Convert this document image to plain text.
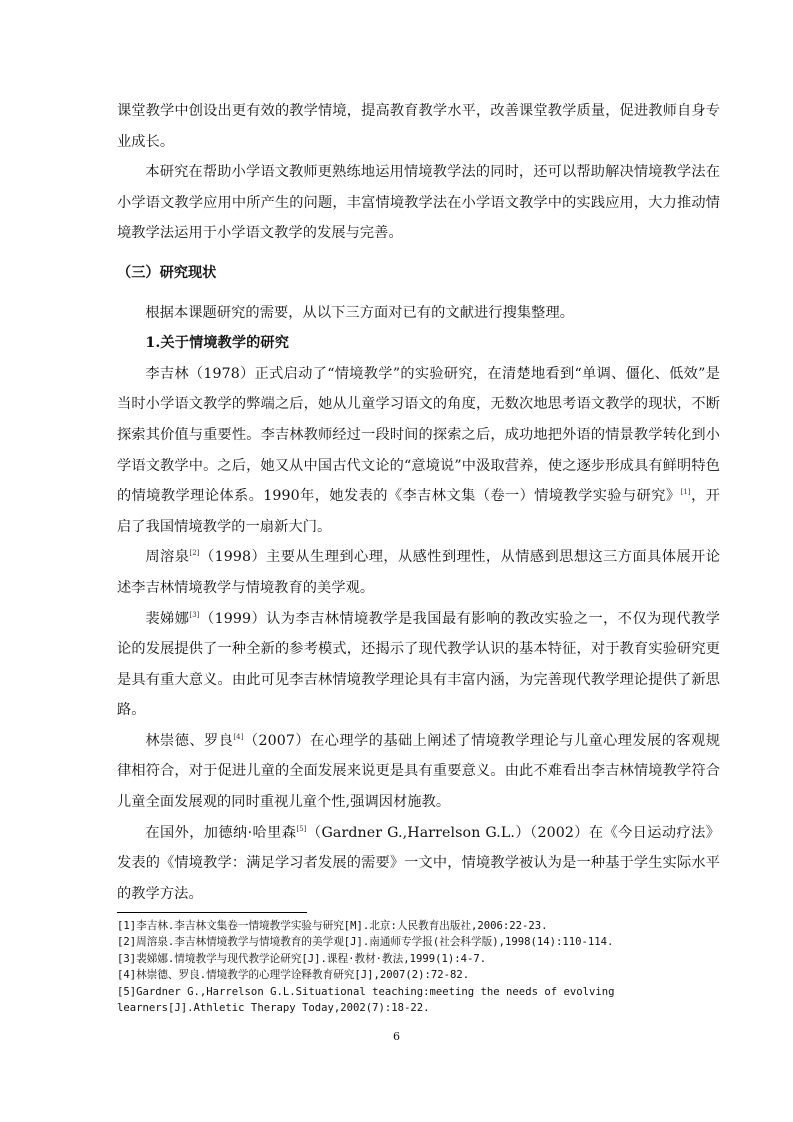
课堂教学中创设出更有效的教学情境，提高教育教学水平，改善课堂教学质量，促进教师自身专业成长。

本研究在帮助小学语文教师更熟练地运用情境教学法的同时，还可以帮助解决情境教学法在小学语文教学应用中所产生的问题，丰富情境教学法在小学语文教学中的实践应用，大力推动情境教学法运用于小学语文教学的发展与完善。

（三）研究现状

根据本课题研究的需要，从以下三方面对已有的文献进行搜集整理。

1.关于情境教学的研究

李吉林（1978）正式启动了“情境教学”的实验研究，在清楚地看到“单调、僵化、低效”是当时小学语文教学的弊端之后，她从儿童学习语文的角度，无数次地思考语文教学的现状，不断探索其价值与重要性。李吉林教师经过一段时间的探索之后，成功地把外语的情景教学转化到小学语文教学中。之后，她又从中国古代文论的“意境说”中汲取营养，使之逐步形成具有鲜明特色的情境教学理论体系。1990年，她发表的《李吉林文集（卷一）情境教学实验与研究》[1]，开启了我国情境教学的一扇新大门。

周溶泉[2]（1998）主要从生理到心理，从感性到理性，从情感到思想这三方面具体展开论述李吉林情境教学与情境教育的美学观。

裴娣娜[3]（1999）认为李吉林情境教学是我国最有影响的教改实验之一，不仅为现代教学论的发展提供了一种全新的参考模式，还揭示了现代教学认识的基本特征，对于教育实验研究更是具有重大意义。由此可见李吉林情境教学理论具有丰富内涵，为完善现代教学理论提供了新思路。

林崇德、罗良[4]（2007）在心理学的基础上阐述了情境教学理论与儿童心理发展的客观规律相符合，对于促进儿童的全面发展来说更是具有重要意义。由此不难看出李吉林情境教学符合儿童全面发展观的同时重视儿童个性,强调因材施教。

在国外，加德纳·哈里森[5]（Gardner G.,Harrelson G.L.）（2002）在《今日运动疗法》发表的《情境教学：满足学习者发展的需要》一文中，情境教学被认为是一种基于学生实际水平的教学方法。

[1]李吉林.李吉林文集卷一情境教学实验与研究[M].北京:人民教育出版社,2006:22-23.

[2]周溶泉.李吉林情境教学与情境教育的美学观[J].南通师专学报(社会科学版),1998(14):110-114.

[3]裴娣娜.情境教学与现代教学论研究[J].课程·教材·教法,1999(1):4-7.

[4]林崇德、罗良.情境教学的心理学诠释教育研究[J],2007(2):72-82.

[5]Gardner G.,Harrelson G.L.Situational teaching:meeting the needs of evolving learners[J].Athletic Therapy Today,2002(7):18-22.

6
